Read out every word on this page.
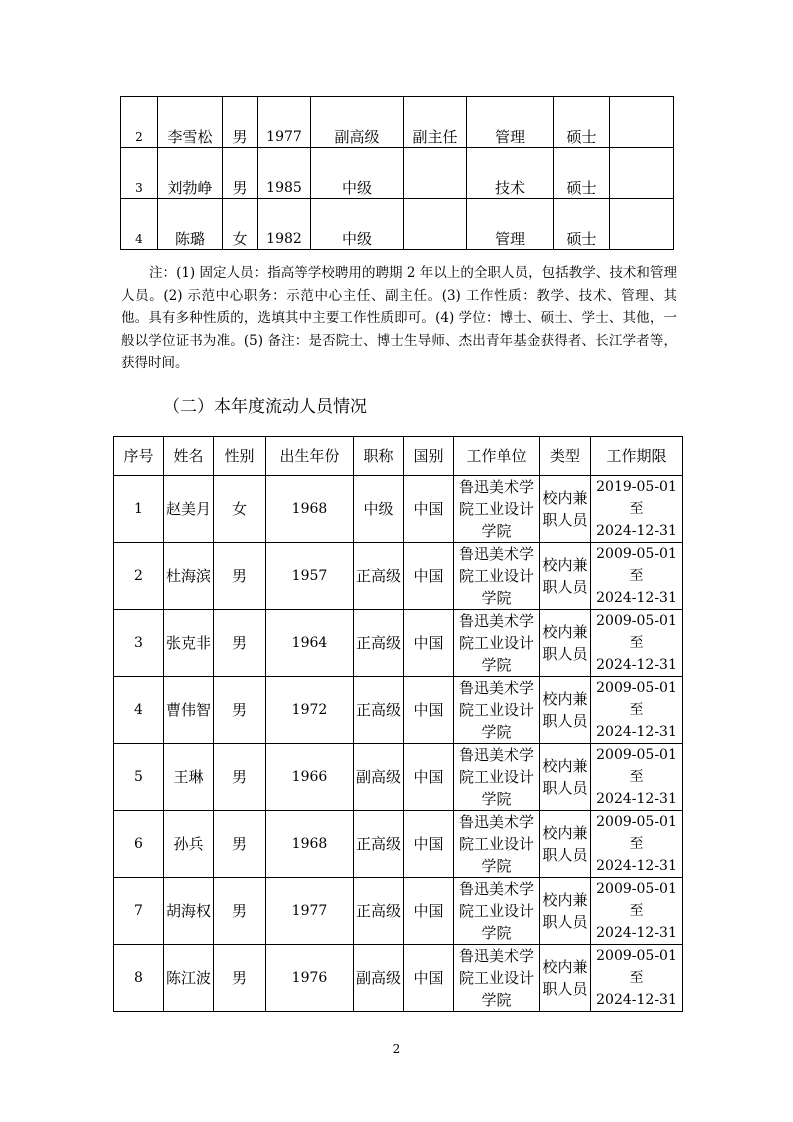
2	李雪松	男	1977	副高级	副主任	管理	硕士	
3	刘勃峥	男	1985	中级		技术	硕士	
4	陈璐	女	1982	中级		管理	硕士	

注：(1) 固定人员：指高等学校聘用的聘期 2 年以上的全职人员，包括教学、技术和管理人员。(2) 示范中心职务：示范中心主任、副主任。(3) 工作性质：教学、技术、管理、其他。具有多种性质的，选填其中主要工作性质即可。(4) 学位：博士、硕士、学士、其他，一般以学位证书为准。(5) 备注：是否院士、博士生导师、杰出青年基金获得者、长江学者等，获得时间。

（二）本年度流动人员情况
序号	姓名	性别	出生年份	职称	国别	工作单位	类型	工作期限
1	赵美月	女	1968	中级	中国	鲁迅美术学院工业设计学院	校内兼职人员	2019-05-01
至
2024-12-31

2	杜海滨	男	1957	正高级	中国	鲁迅美术学院工业设计学院	校内兼职人员	2009-05-01
至
2024-12-31

3	张克非	男	1964	正高级	中国	鲁迅美术学院工业设计学院	校内兼职人员	2009-05-01
至
2024-12-31

4	曹伟智	男	1972	正高级	中国	鲁迅美术学院工业设计学院	校内兼职人员	2009-05-01
至
2024-12-31

5	王琳	男	1966	副高级	中国	鲁迅美术学院工业设计学院	校内兼职人员	2009-05-01
至
2024-12-31

6	孙兵	男	1968	正高级	中国	鲁迅美术学院工业设计学院	校内兼职人员	2009-05-01
至
2024-12-31

7	胡海权	男	1977	正高级	中国	鲁迅美术学院工业设计学院	校内兼职人员	2009-05-01
至
2024-12-31

8	陈江波	男	1976	副高级	中国	鲁迅美术学院工业设计学院	校内兼职人员	2009-05-01
至
2024-12-31

2
